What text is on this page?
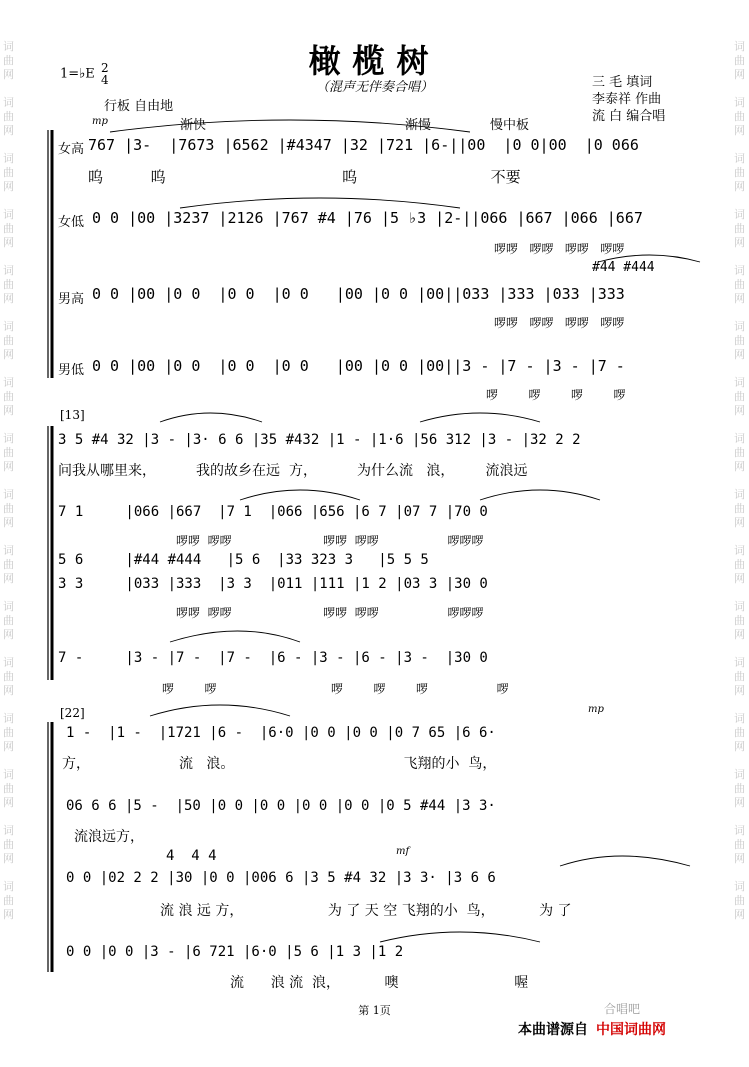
词
曲
网

词
曲
网

词
曲
网

词
曲
网

词
曲
网

词
曲
网

词
曲
网

词
曲
网

词
曲
网

词
曲
网

词
曲
网

词
曲
网

词
曲
网

词
曲
网

词
曲
网

词
曲
网
词
曲
网

词
曲
网

词
曲
网

词
曲
网

词
曲
网

词
曲
网

词
曲
网

词
曲
网

词
曲
网

词
曲
网

词
曲
网

词
曲
网

词
曲
网

词
曲
网

词
曲
网

词
曲
网
橄榄树
（混声无伴奏合唱）
1=♭E 2
4	三 毛 填词
李泰祥 作曲
流 白 编合唱
行板 自由地
渐快	渐慢	慢中板
mp
mf
mp
女高 767 |3-  |7673 |6562 |#4347 |32 |721 |6-||00  |0 0|00  |0 066
呜          呜                                     呜                            不要
女低 0 0 |00 |3237 |2126 |767 #4 |76 |5 ♭3 |2-||066 |667 |066 |667
啰啰   啰啰   啰啰   啰啰
#44 #444
男高 0 0 |00 |0 0  |0 0  |0 0   |00 |0 0 |00||033 |333 |033 |333
啰啰   啰啰   啰啰   啰啰
男低 0 0 |00 |0 0  |0 0  |0 0   |00 |0 0 |00||3 - |7 - |3 - |7 -
啰        啰        啰        啰
[13]
3 5 #4 32 |3 - |3· 6 6 |35 #432 |1 - |1·6 |56 312 |3 - |32 2 2
问我从哪里来，         我的故乡在远  方，         为什么流   浪，       流浪远
7 1     |066 |667  |7 1  |066 |656 |6 7 |07 7 |70 0
啰啰  啰啰                        啰啰  啰啰                  啰啰啰
5 6     |#44 #444   |5 6  |33 323 3   |5 5 5
3 3     |033 |333  |3 3  |011 |111 |1 2 |03 3 |30 0
啰啰  啰啰                        啰啰  啰啰                  啰啰啰
7 -     |3 - |7 -  |7 -  |6 - |3 - |6 - |3 -  |30 0
啰        啰                              啰        啰        啰                  啰
[22]
1 -  |1 -  |1721 |6 -  |6·0 |0 0 |0 0 |0 7 65 |6 6·
方，                    流   浪。                                      飞翔的小  鸟，
06 6 6 |5 -  |50 |0 0 |0 0 |0 0 |0 0 |0 5 #44 |3 3·
流浪远方，
4  4 4
0 0 |02 2 2 |30 |0 0 |006 6 |3 5 #4 32 |3 3· |3 6 6
流 浪 远 方，                   为 了 天 空 飞翔的小  鸟，          为 了
0 0 |0 0 |3 - |6 721 |6·0 |5 6 |1 3 |1 2
流      浪 流  浪，          噢                          喔
第 1页	合唱吧
本曲谱源自 中国词曲网
